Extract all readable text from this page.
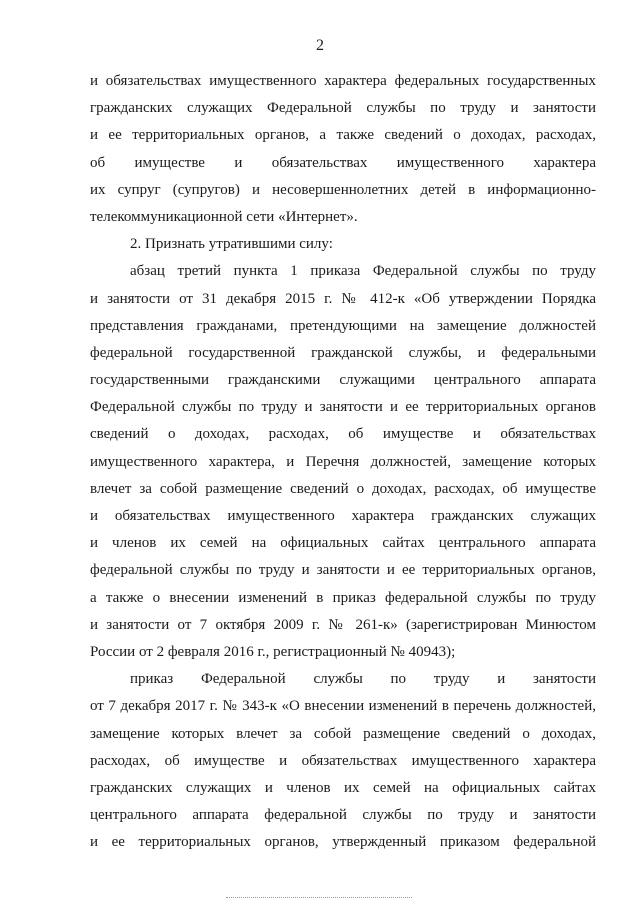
2
и обязательствах имущественного характера федеральных государственных
гражданских служащих Федеральной службы по труду и занятости
и ее территориальных органов, а также сведений о доходах, расходах,
об имуществе и обязательствах имущественного характера
их супруг (супругов) и несовершеннолетних детей в информационно-
телекоммуникационной сети «Интернет».
2. Признать утратившими силу:
абзац третий пункта 1 приказа Федеральной службы по труду
и занятости от 31 декабря 2015 г. № 412-к «Об утверждении Порядка
представления гражданами, претендующими на замещение должностей
федеральной государственной гражданской службы, и федеральными
государственными гражданскими служащими центрального аппарата
Федеральной службы по труду и занятости и ее территориальных органов
сведений о доходах, расходах, об имуществе и обязательствах
имущественного характера, и Перечня должностей, замещение которых
влечет за собой размещение сведений о доходах, расходах, об имуществе
и обязательствах имущественного характера гражданских служащих
и членов их семей на официальных сайтах центрального аппарата
федеральной службы по труду и занятости и ее территориальных органов,
а также о внесении изменений в приказ федеральной службы по труду
и занятости от 7 октября 2009 г. № 261-к» (зарегистрирован Минюстом
России от 2 февраля 2016 г., регистрационный № 40943);
приказ Федеральной службы по труду и занятости
от 7 декабря 2017 г. № 343-к «О внесении изменений в перечень должностей,
замещение которых влечет за собой размещение сведений о доходах,
расходах, об имуществе и обязательствах имущественного характера
гражданских служащих и членов их семей на официальных сайтах
центрального аппарата федеральной службы по труду и занятости
и ее территориальных органов, утвержденный приказом федеральной
